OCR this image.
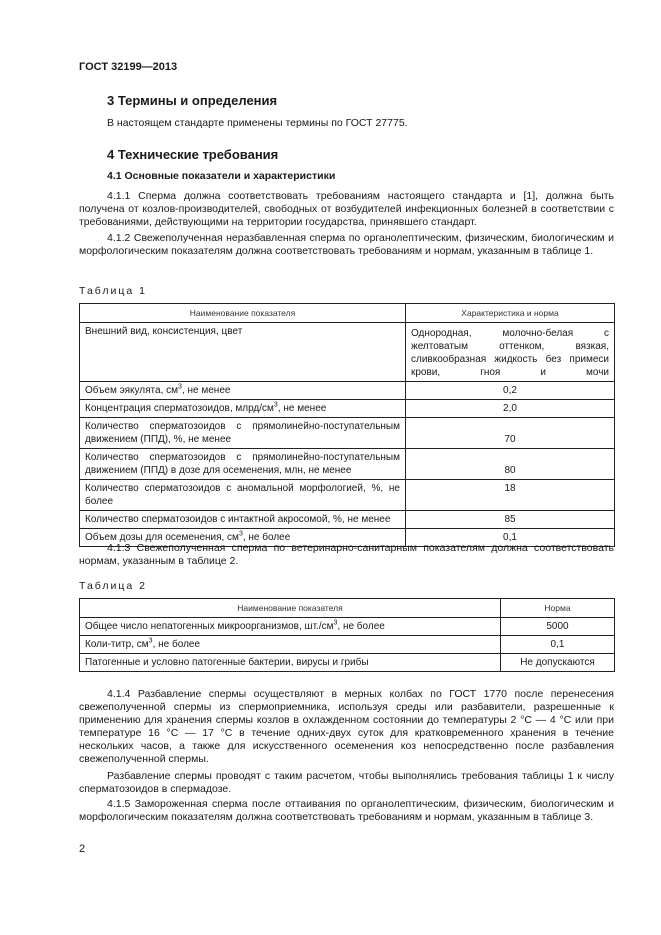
ГОСТ 32199—2013

3 Термины и определения

В настоящем стандарте применены термины по ГОСТ 27775.

4 Технические требования

4.1 Основные показатели и характеристики

4.1.1 Сперма должна соответствовать требованиям настоящего стандарта и [1], должна быть получена от козлов-производителей, свободных от возбудителей инфекционных болезней в соответствии с требованиями, действующими на территории государства, принявшего стандарт.

4.1.2 Свежеполученная неразбавленная сперма по органолептическим, физическим, биологическим и морфологическим показателям должна соответствовать требованиям и нормам, указанным в таблице 1.

Таблица 1

Наименование показателя	Характеристика и норма
Внешний вид, консистенция, цвет	Однородная, молочно-белая с желтоватым оттенком, вязкая, сливкообразная жидкость без примеси крови, гноя и мочи
Объем эякулята, $см^3$, не менее	0,2
Концентрация сперматозоидов, млрд/$см^3$, не менее	2,0
Количество сперматозоидов с прямолинейно-поступательным движением (ППД), %, не менее	70
Количество сперматозоидов с прямолинейно-поступательным движением (ППД) в дозе для осеменения, млн, не менее	80
Количество сперматозоидов с аномальной морфологией, %, не более	18
Количество сперматозоидов с интактной акросомой, %, не менее	85
Объем дозы для осеменения, $см^3$, не более	0,1

4.1.3 Свежеполученная сперма по ветеринарно-санитарным показателям должна соответствовать нормам, указанным в таблице 2.

Таблица 2

Наименование показателя	Норма
Общее число непатогенных микроорганизмов, $шт./см^3$, не более	5000
Коли-титр, $см^3$, не более	0,1
Патогенные и условно патогенные бактерии, вирусы и грибы	Не допускаются

4.1.4 Разбавление спермы осуществляют в мерных колбах по ГОСТ 1770 после перенесения свежеполученной спермы из спермоприемника, используя среды или разбавители, разрешенные к применению для хранения спермы козлов в охлажденном состоянии до температуры 2 °С — 4 °С или при температуре 16 °С — 17 °С в течение одних-двух суток для кратковременного хранения в течение нескольких часов, а также для искусственного осеменения коз непосредственно после разбавления свежеполученной спермы.

Разбавление спермы проводят с таким расчетом, чтобы выполнялись требования таблицы 1 к числу сперматозоидов в спермадозе.

4.1.5 Замороженная сперма после оттаивания по органолептическим, физическим, биологическим и морфологическим показателям должна соответствовать требованиям и нормам, указанным в таблице 3.

2
